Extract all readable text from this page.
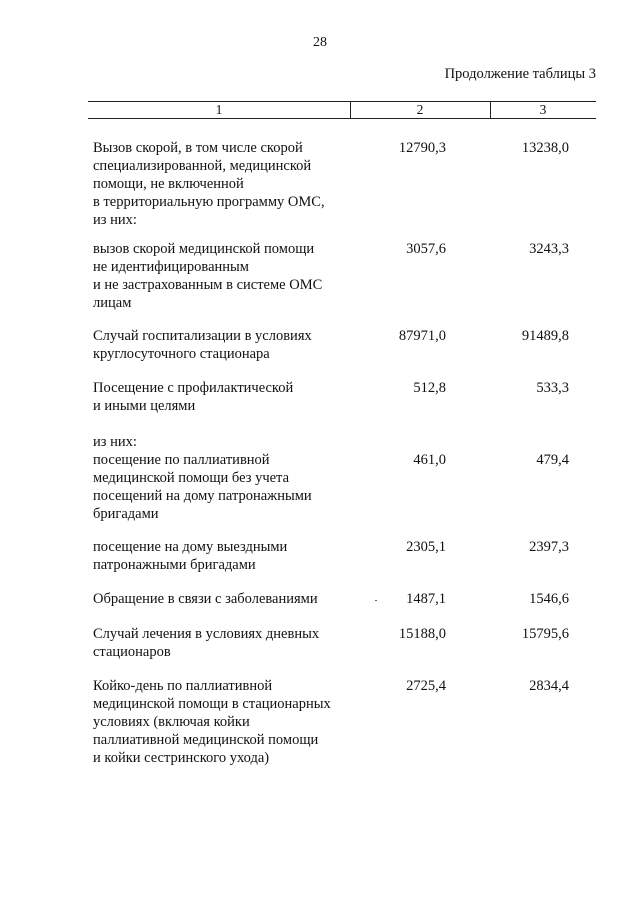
28
Продолжение таблицы 3
1	2	3
Вызов скорой, в том числе скорой
специализированной, медицинской
помощи, не включенной
в территориальную программу ОМС,
из них:
12790,3	13238,0
вызов скорой медицинской помощи
не идентифицированным
и не застрахованным в системе ОМС
лицам
3057,6	3243,3
Случай госпитализации в условиях
круглосуточного стационара
87971,0	91489,8
Посещение с профилактической
и иными целями
512,8	533,3
из них:
посещение по паллиативной
медицинской помощи без учета
посещений на дому патронажными
бригадами
461,0	479,4
посещение на дому выездными
патронажными бригадами
2305,1	2397,3
Обращение в связи с заболеваниями	1487,1	1546,6
Случай лечения в условиях дневных
стационаров
15188,0	15795,6
Койко-день по паллиативной
медицинской помощи в стационарных
условиях (включая койки
паллиативной медицинской помощи
и койки сестринского ухода)
2725,4	2834,4
